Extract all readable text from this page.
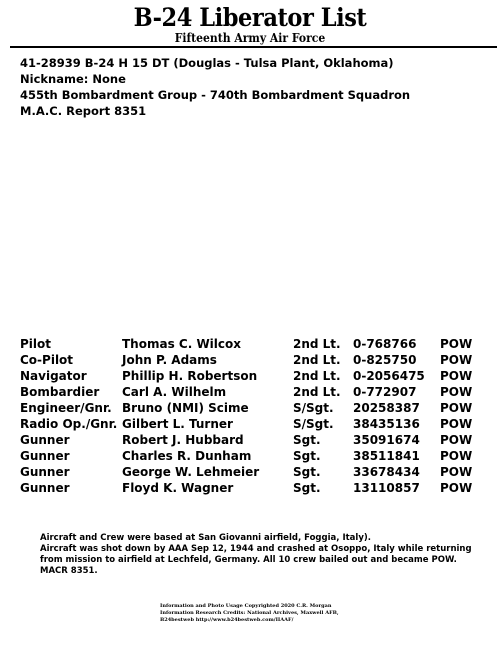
B-24 Liberator List
Fifteenth Army Air Force
41-28939 B-24 H 15 DT (Douglas - Tulsa Plant, Oklahoma)
Nickname: None
455th Bombardment Group - 740th Bombardment Squadron
M.A.C. Report 8351
Pilot	Thomas C. Wilcox	2nd Lt. 0-768766 POW
Co-Pilot	John P. Adams	2nd Lt. 0-825750 POW
Navigator	Phillip H. Robertson	2nd Lt. 0-2056475 POW
Bombardier Carl A. Wilhelm	2nd Lt. 0-772907 POW
Engineer/Gnr. Bruno (NMI) Scime	S/Sgt. 20258387 POW
Radio Op./Gnr. Gilbert L. Turner	S/Sgt. 38435136 POW
Gunner	Robert J. Hubbard	Sgt.	35091674 POW
Gunner	Charles R. Dunham	Sgt.	38511841 POW
Gunner	George W. Lehmeier	Sgt.	33678434 POW
Gunner	Floyd K. Wagner	Sgt.	13110857 POW
Aircraft and Crew were based at San Giovanni airfield, Foggia, Italy).
Aircraft was shot down by AAA Sep 12, 1944 and crashed at Osoppo, Italy while returning
from mission to airfield at Lechfeld, Germany. All 10 crew bailed out and became POW.
MACR 8351.
Information and Photo Usage Copyrighted 2020 C.R. Morgan
Information Research Credits: National Archives, Maxwell AFB,
B24bestweb http://www.b24bestweb.com/IIAAF/
